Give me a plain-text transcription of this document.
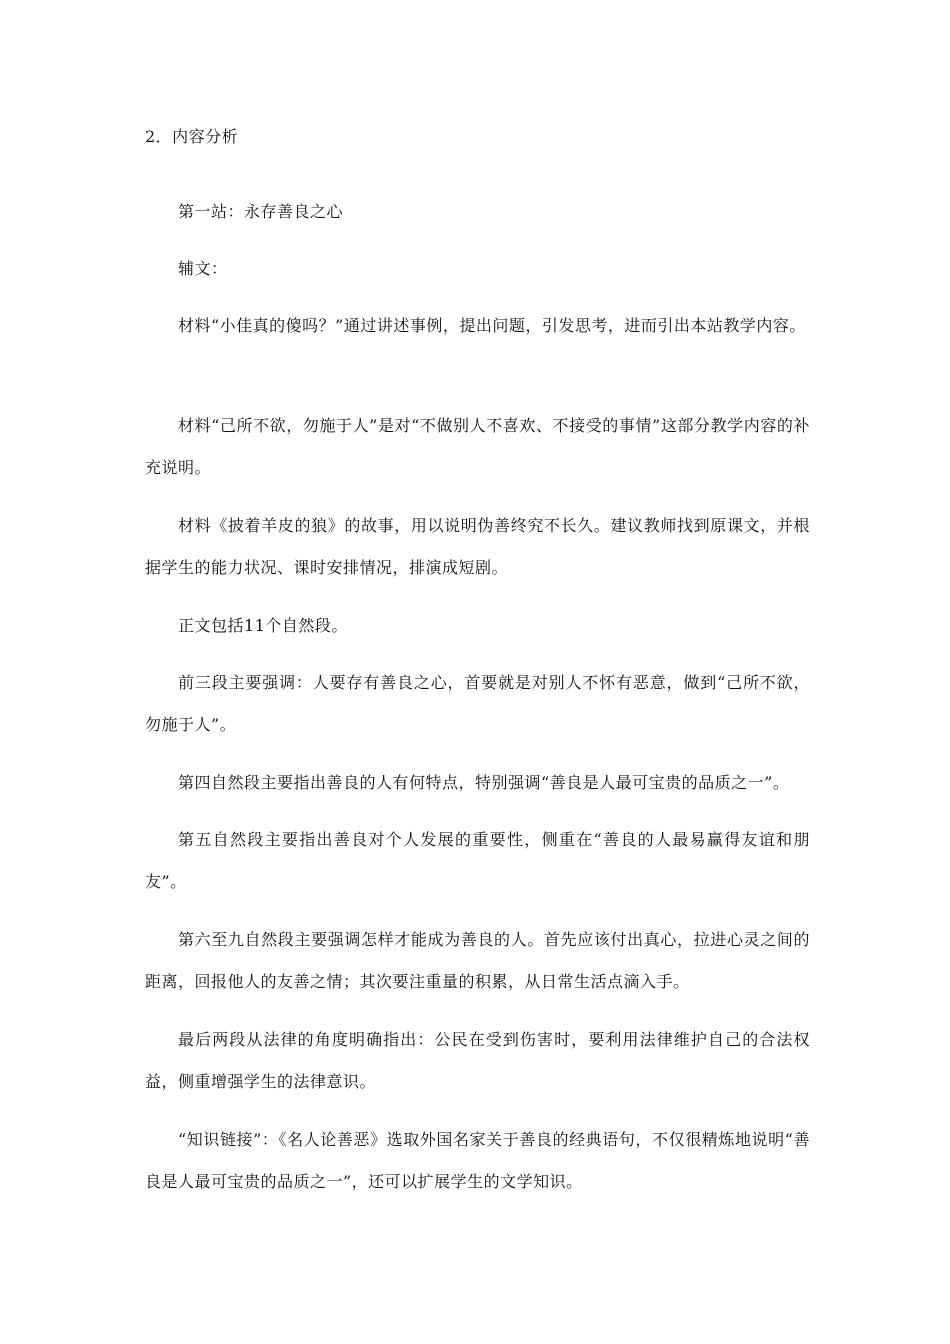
2．内容分析

第一站：永存善良之心

辅文：

材料“小佳真的傻吗？”通过讲述事例，提出问题，引发思考，进而引出本站教学内容。

材料“己所不欲，勿施于人”是对“不做别人不喜欢、不接受的事情”这部分教学内容的补充说明。

材料《披着羊皮的狼》的故事，用以说明伪善终究不长久。建议教师找到原课文，并根据学生的能力状况、课时安排情况，排演成短剧。

正文包括11个自然段。

前三段主要强调：人要存有善良之心，首要就是对别人不怀有恶意，做到“己所不欲，勿施于人”。

第四自然段主要指出善良的人有何特点，特别强调“善良是人最可宝贵的品质之一”。

第五自然段主要指出善良对个人发展的重要性，侧重在“善良的人最易赢得友谊和朋友”。

第六至九自然段主要强调怎样才能成为善良的人。首先应该付出真心，拉进心灵之间的距离，回报他人的友善之情；其次要注重量的积累，从日常生活点滴入手。

最后两段从法律的角度明确指出：公民在受到伤害时，要利用法律维护自己的合法权益，侧重增强学生的法律意识。

“知识链接”：《名人论善恶》选取外国名家关于善良的经典语句，不仅很精炼地说明“善良是人最可宝贵的品质之一”，还可以扩展学生的文学知识。
